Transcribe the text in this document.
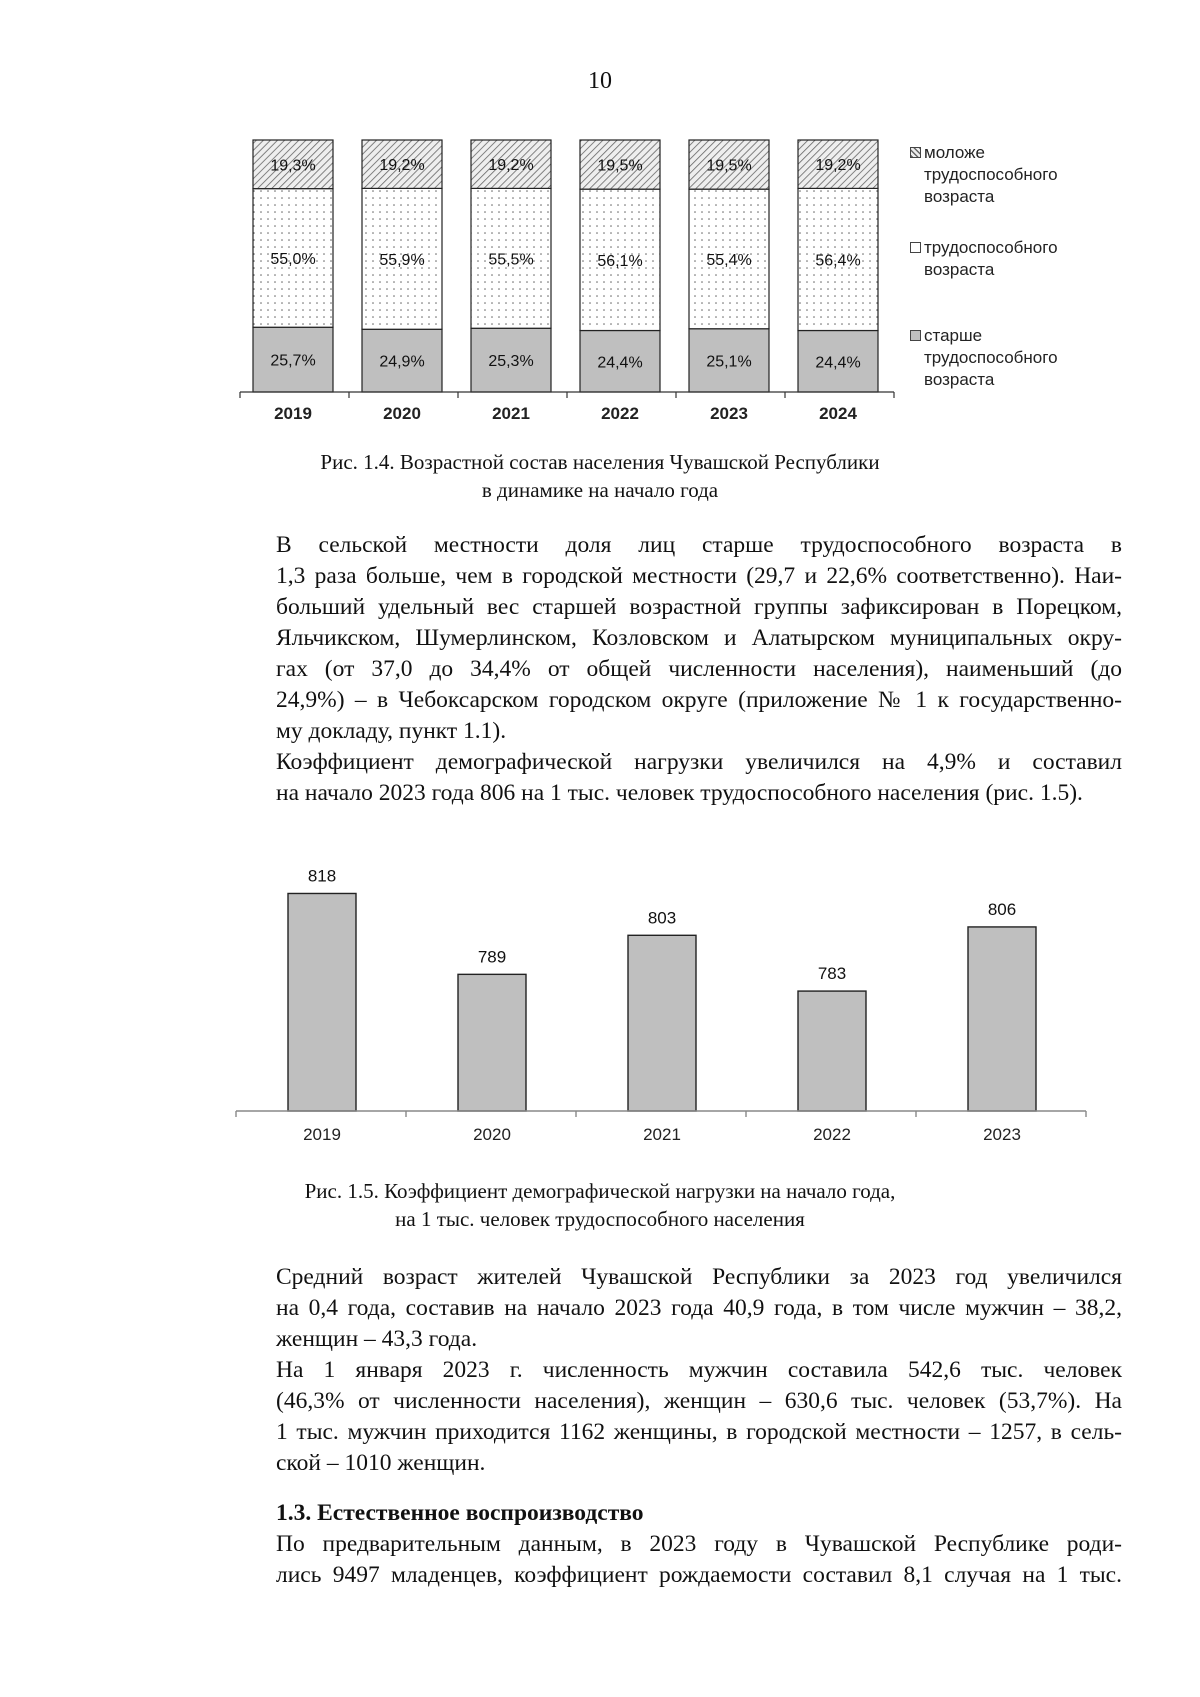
10
25,7%
55,0%
19,3%
24,9%
55,9%
19,2%
25,3%
55,5%
19,2%
24,4%
56,1%
19,5%
25,1%
55,4%
19,5%
24,4%
56,4%
19,2%
2019	2020	2021	2022	2023	2024
моложе
трудоспособного
возраста
трудоспособного
возраста
старше
трудоспособного
возраста
Рис. 1.4. Возрастной состав населения Чувашской Республики
в динамике на начало года

В сельской местности доля лиц старше трудоспособного возраста в
1,3 раза больше, чем в городской местности (29,7 и 22,6% соответственно). Наи-
больший удельный вес старшей возрастной группы зафиксирован в Порецком,
Яльчикском, Шумерлинском, Козловском и Алатырском муниципальных окру-
гах (от 37,0 до 34,4% от общей численности населения), наименьший (до
24,9%) – в Чебоксарском городском округе (приложение № 1 к государственно-
му докладу, пункт 1.1).

Коэффициент демографической нагрузки увеличился на 4,9% и составил
на начало 2023 года 806 на 1 тыс. человек трудоспособного населения (рис. 1.5).

818
789
803
783
806
2019	2020	2021	2022	2023
Рис. 1.5. Коэффициент демографической нагрузки на начало года,
на 1 тыс. человек трудоспособного населения

Средний возраст жителей Чувашской Республики за 2023 год увеличился
на 0,4 года, составив на начало 2023 года 40,9 года, в том числе мужчин – 38,2,
женщин – 43,3 года.

На 1 января 2023 г. численность мужчин составила 542,6 тыс. человек
(46,3% от численности населения), женщин – 630,6 тыс. человек (53,7%). На
1 тыс. мужчин приходится 1162 женщины, в городской местности – 1257, в сель-
ской – 1010 женщин.

1.3. Естественное воспроизводство

По предварительным данным, в 2023 году в Чувашской Республике роди-
лись 9497 младенцев, коэффициент рождаемости составил 8,1 случая на 1 тыс.
